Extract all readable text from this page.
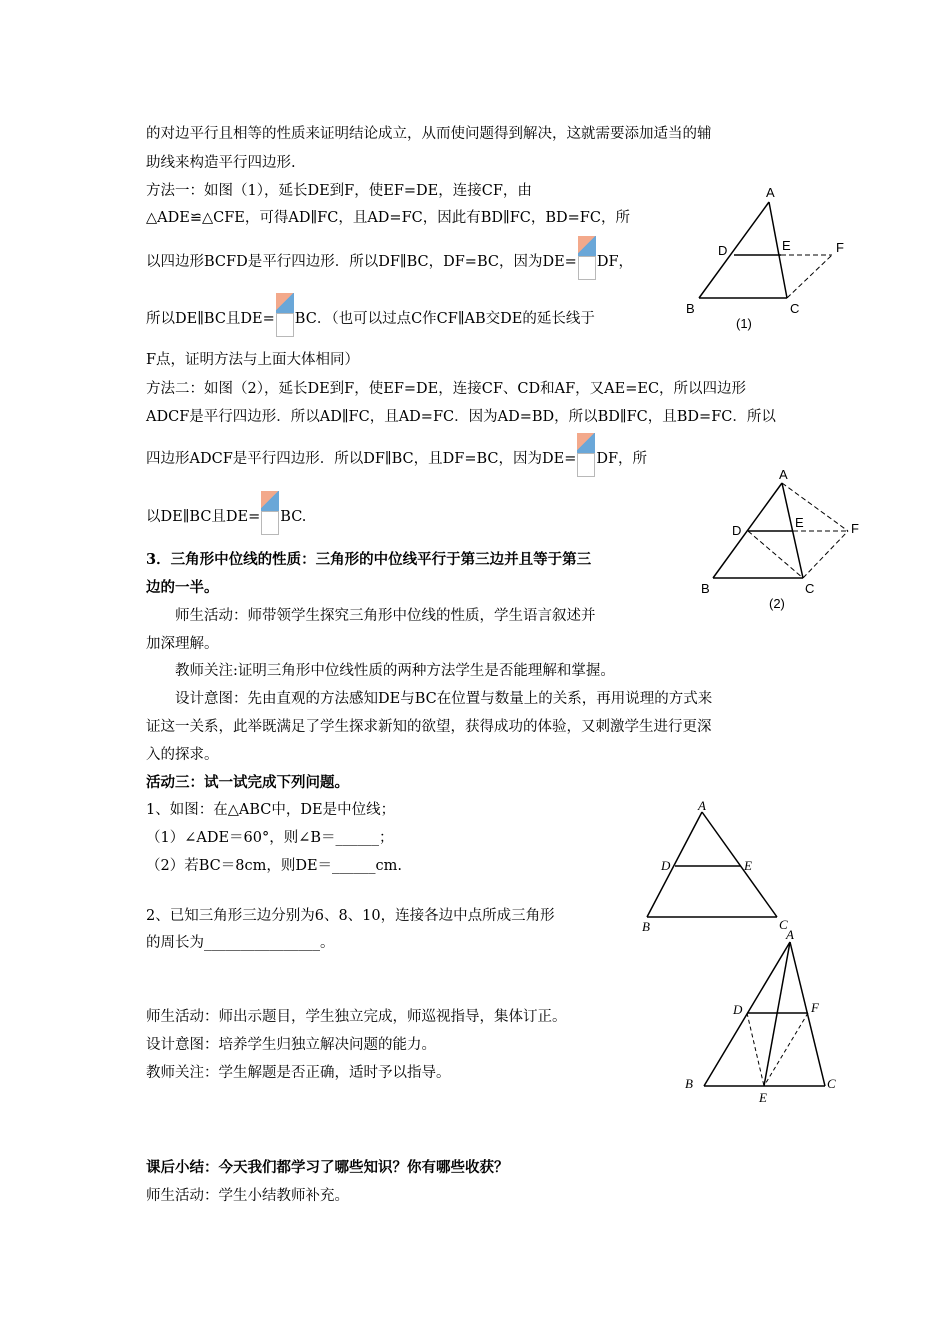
的对边平行且相等的性质来证明结论成立，从而使问题得到解决，这就需要添加适当的辅
助线来构造平行四边形.
方法一：如图（1），延长DE到F，使EF=DE，连接CF，由
△ADE≌△CFE，可得AD∥FC，且AD=FC，因此有BD∥FC，BD=FC，所
以四边形BCFD是平行四边形．所以DF∥BC，DF=BC，因为DE= DF，
所以DE∥BC且DE= BC．（也可以过点C作CF∥AB交DE的延长线于
F点，证明方法与上面大体相同）
方法二：如图（2），延长DE到F，使EF=DE，连接CF、CD和AF，又AE=EC，所以四边形
ADCF是平行四边形．所以AD∥FC，且AD=FC．因为AD=BD，所以BD∥FC，且BD=FC．所以
四边形ADCF是平行四边形．所以DF∥BC，且DF=BC，因为DE= DF，所
以DE∥BC且DE= BC.
3．三角形中位线的性质：三角形的中位线平行于第三边并且等于第三
边的一半。
师生活动：师带领学生探究三角形中位线的性质，学生语言叙述并
加深理解。
教师关注:证明三角形中位线性质的两种方法学生是否能理解和掌握。
设计意图：先由直观的方法感知DE与BC在位置与数量上的关系，再用说理的方式来
证这一关系，此举既满足了学生探求新知的欲望，获得成功的体验，又刺激学生进行更深
入的探求。
活动三：试一试完成下列问题。
1、如图：在△ABC中，DE是中位线；
（1）∠ADE＝60°，则∠B＝______；
（2）若BC＝8cm，则DE＝______cm.
2、已知三角形三边分别为6、8、10，连接各边中点所成三角形
的周长为________________。
师生活动：师出示题目，学生独立完成，师巡视指导，集体订正。
设计意图：培养学生归独立解决问题的能力。
教师关注：学生解题是否正确，适时予以指导。
课后小结：今天我们都学习了哪些知识？你有哪些收获？
师生活动：学生小结教师补充。
A
D	E	F
B	C
(1)
A
D
E	F
B	C
(2)
A
D	E
B	C
A
D	F
B	C
E
